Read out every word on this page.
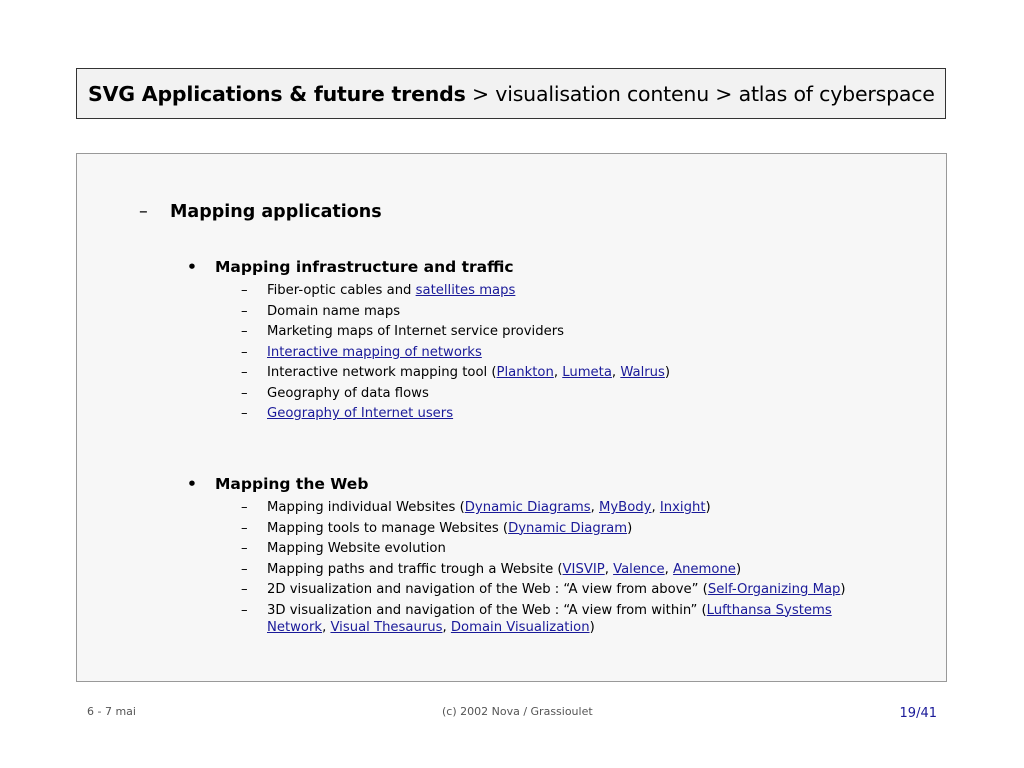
SVG Applications & future trends > visualisation contenu > atlas of cyberspace
–	Mapping applications
• Mapping infrastructure and traffic
– Fiber-optic cables and satellites maps
– Domain name maps
– Marketing maps of Internet service providers
– Interactive mapping of networks
– Interactive network mapping tool (Plankton, Lumeta, Walrus)
– Geography of data flows
– Geography of Internet users
• Mapping the Web
– Mapping individual Websites (Dynamic Diagrams, MyBody, Inxight)
– Mapping tools to manage Websites (Dynamic Diagram)
– Mapping Website evolution
– Mapping paths and traffic trough a Website (VISVIP, Valence, Anemone)
– 2D visualization and navigation of the Web : “A view from above” (Self-Organizing Map)
– 3D visualization and navigation of the Web : “A view from within” (Lufthansa Systems Network, Visual Thesaurus, Domain Visualization)
6 - 7 mai	(c) 2002 Nova / Grassioulet	19/41
